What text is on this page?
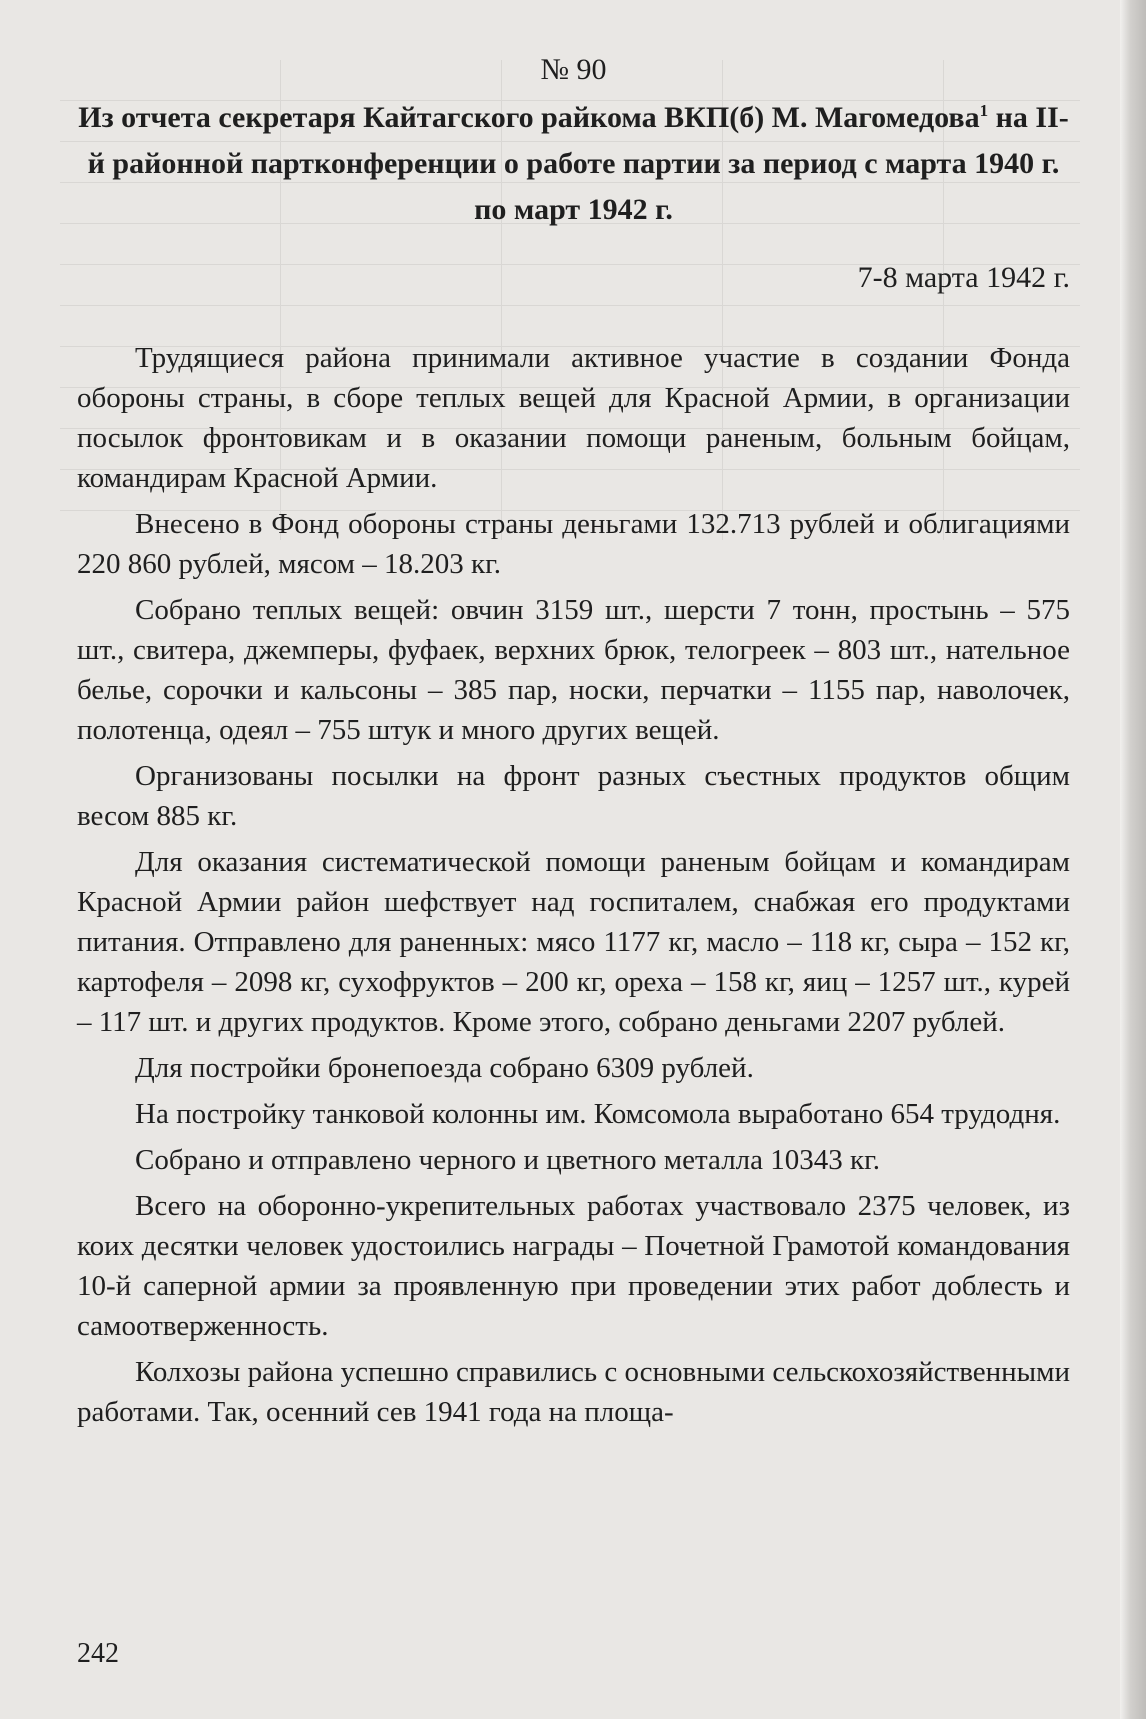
№ 90
Из отчета секретаря Кайтагского райкома ВКП(б) М. Магомедова$^1$ на II-й районной партконференции о работе партии за период с марта 1940 г. по март 1942 г.
7-8 марта 1942 г.

Трудящиеся района принимали активное участие в создании Фонда обороны страны, в сборе теплых вещей для Красной Армии, в организации посылок фронтовикам и в оказании помощи раненым, больным бойцам, командирам Красной Армии.

Внесено в Фонд обороны страны деньгами 132.713 рублей и облигациями 220 860 рублей, мясом – 18.203 кг.

Собрано теплых вещей: овчин 3159 шт., шерсти 7 тонн, простынь – 575 шт., свитера, джемперы, фуфаек, верхних брюк, телогреек – 803 шт., нательное белье, сорочки и кальсоны – 385 пар, носки, перчатки – 1155 пар, наволочек, полотенца, одеял – 755 штук и много других вещей.

Организованы посылки на фронт разных съестных продуктов общим весом 885 кг.

Для оказания систематической помощи раненым бойцам и командирам Красной Армии район шефствует над госпиталем, снабжая его продуктами питания. Отправлено для раненных: мясо 1177 кг, масло – 118 кг, сыра – 152 кг, картофеля – 2098 кг, сухофруктов – 200 кг, ореха – 158 кг, яиц – 1257 шт., курей – 117 шт. и других продуктов. Кроме этого, собрано деньгами 2207 рублей.

Для постройки бронепоезда собрано 6309 рублей.

На постройку танковой колонны им. Комсомола выработано 654 трудодня.

Собрано и отправлено черного и цветного металла 10343 кг.

Всего на оборонно-укрепительных работах участвовало 2375 человек, из коих десятки человек удостоились награды – Почетной Грамотой командования 10-й саперной армии за проявленную при проведении этих работ доблесть и самоотверженность.

Колхозы района успешно справились с основными сельскохозяйственными работами. Так, осенний сев 1941 года на площа-

242
